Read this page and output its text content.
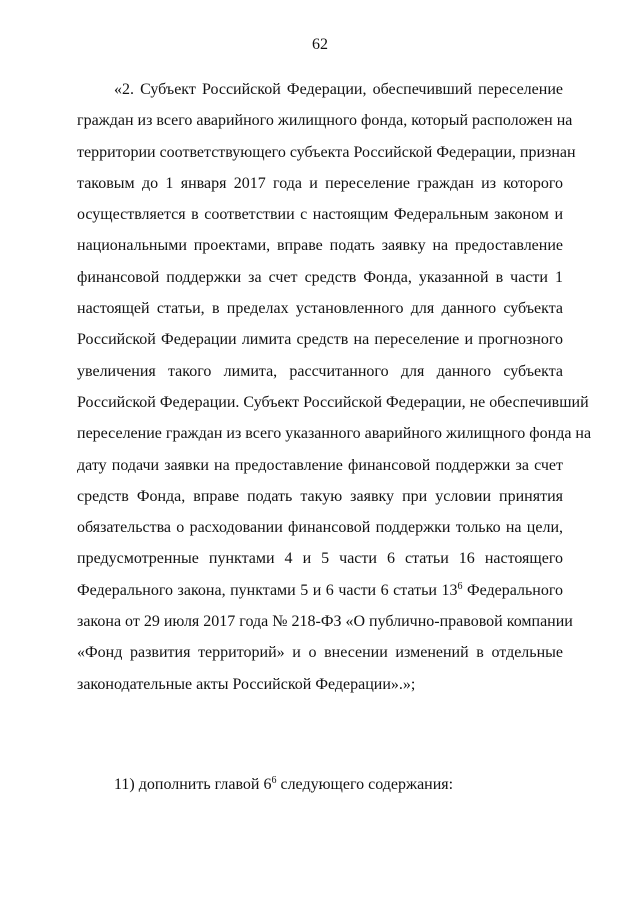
62
«2. Субъект Российской Федерации, обеспечивший переселение
граждан из всего аварийного жилищного фонда, который расположен на
территории соответствующего субъекта Российской Федерации, признан
таковым до 1 января 2017 года и переселение граждан из которого
осуществляется в соответствии с настоящим Федеральным законом и
национальными проектами, вправе подать заявку на предоставление
финансовой поддержки за счет средств Фонда, указанной в части 1
настоящей статьи, в пределах установленного для данного субъекта
Российской Федерации лимита средств на переселение и прогнозного
увеличения такого лимита, рассчитанного для данного субъекта
Российской Федерации. Субъект Российской Федерации, не обеспечивший
переселение граждан из всего указанного аварийного жилищного фонда на
дату подачи заявки на предоставление финансовой поддержки за счет
средств Фонда, вправе подать такую заявку при условии принятия
обязательства о расходовании финансовой поддержки только на цели,
предусмотренные пунктами 4 и 5 части 6 статьи 16 настоящего
Федерального закона, пунктами 5 и 6 части 6 статьи $13^6$ Федерального
закона от 29 июля 2017 года № 218-ФЗ «О публично-правовой компании
«Фонд развития территорий» и о внесении изменений в отдельные
законодательные акты Российской Федерации».»;
11) дополнить главой $6^6$ следующего содержания:
